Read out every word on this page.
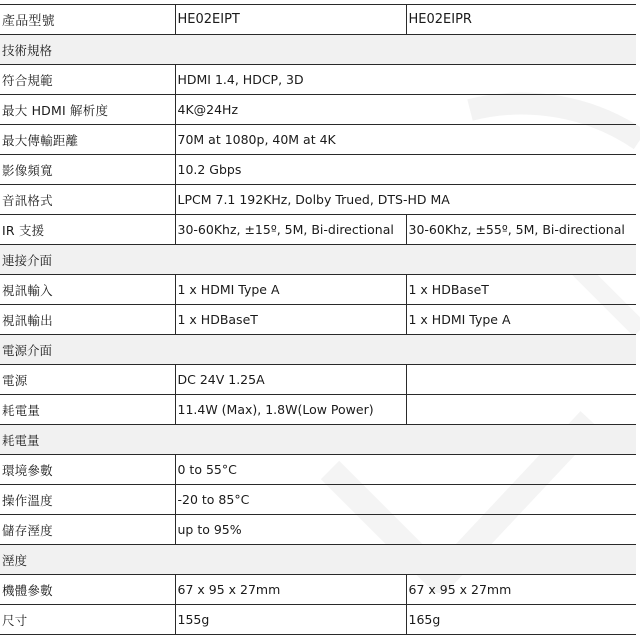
產品型號	HE02EIPT	HE02EIPR
技術規格		
符合規範	HDMI 1.4, HDCP, 3D	
最大 HDMI 解析度	4K@24Hz	
最大傳輸距離	70M at 1080p, 40M at 4K	
影像頻寬	10.2 Gbps	
音訊格式	LPCM 7.1 192KHz, Dolby Trued, DTS-HD MA	
IR 支援	30-60Khz, ±15º, 5M, Bi-directional	30-60Khz, ±55º, 5M, Bi-directional
連接介面		
視訊輸入	1 x HDMI Type A	1 x HDBaseT
視訊輸出	1 x HDBaseT	1 x HDMI Type A
電源介面		
電源	DC 24V 1.25A	
耗電量	11.4W (Max), 1.8W(Low Power)	
耗電量		
環境參數	0 to 55°C	
操作溫度	-20 to 85°C	
儲存溼度	up to 95%	
溼度		
機體參數	67 x 95 x 27mm	67 x 95 x 27mm
尺寸	155g	165g
